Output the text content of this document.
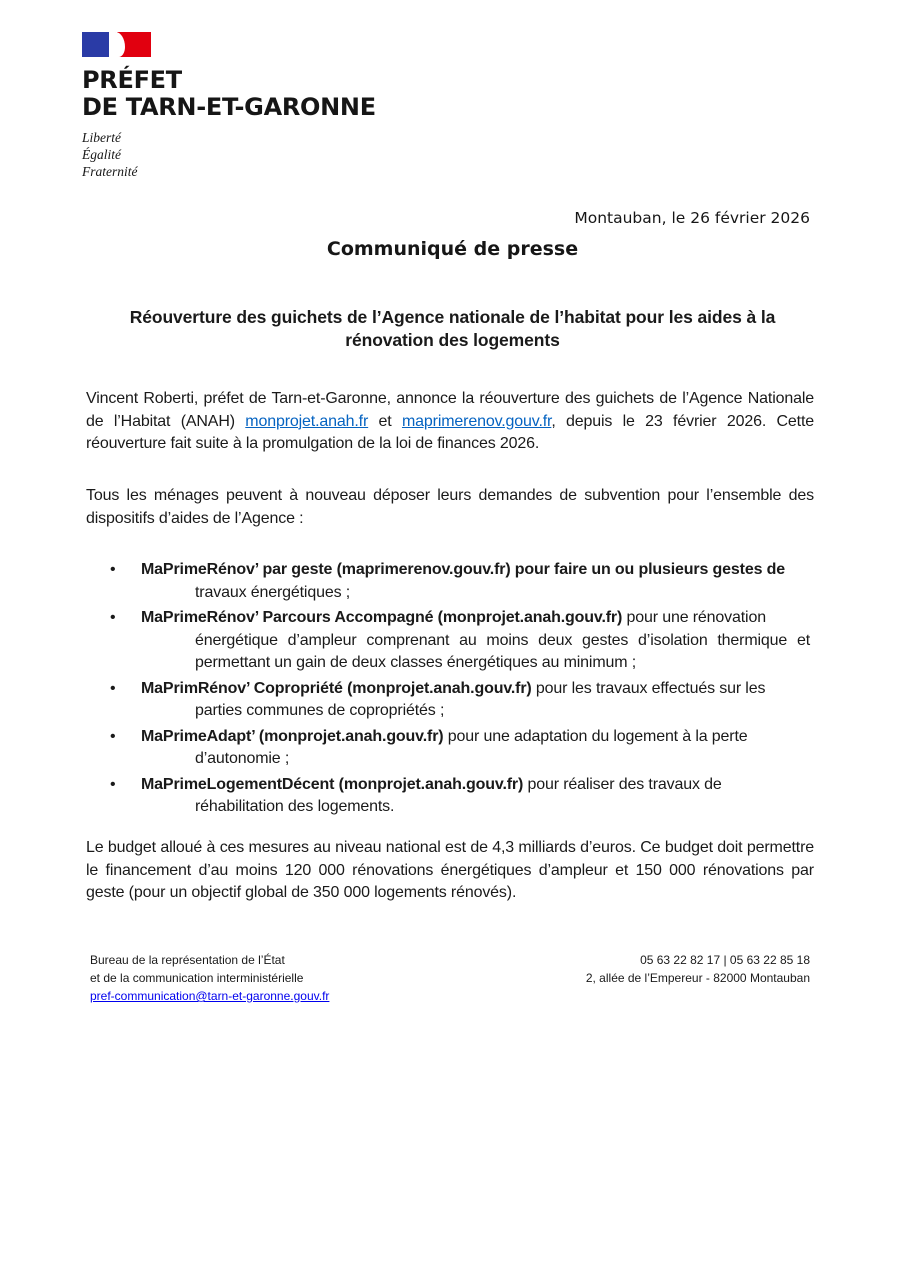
PRÉFET
DE TARN-ET-GARONNE
Liberté
Égalité
Fraternité
Montauban, le 26 février 2026
Communiqué de presse
Réouverture des guichets de l’Agence nationale de l’habitat pour les aides à la rénovation des logements
Vincent Roberti, préfet de Tarn-et-Garonne, annonce la réouverture des guichets de l’Agence Nationale de l’Habitat (ANAH) monprojet.anah.fr et maprimerenov.gouv.fr, depuis le 23 février 2026. Cette réouverture fait suite à la promulgation de la loi de finances 2026.
Tous les ménages peuvent à nouveau déposer leurs demandes de subvention pour l’ensemble des dispositifs d’aides de l’Agence :
• MaPrimeRénov’ par geste (maprimerenov.gouv.fr) pour faire un ou plusieurs gestes de
travaux énergétiques ;
• MaPrimeRénov’ Parcours Accompagné (monprojet.anah.gouv.fr) pour une rénovation
énergétique d’ampleur comprenant au moins deux gestes d’isolation thermique et permettant un gain de deux classes énergétiques au minimum ;
• MaPrimRénov’ Copropriété (monprojet.anah.gouv.fr) pour les travaux effectués sur les
parties communes de copropriétés ;
• MaPrimeAdapt’ (monprojet.anah.gouv.fr) pour une adaptation du logement à la perte
d’autonomie ;
• MaPrimeLogementDécent (monprojet.anah.gouv.fr) pour réaliser des travaux de
réhabilitation des logements.
Le budget alloué à ces mesures au niveau national est de 4,3 milliards d’euros. Ce budget doit permettre le financement d’au moins 120 000 rénovations énergétiques d’ampleur et 150 000 rénovations par geste (pour un objectif global de 350 000 logements rénovés).
Bureau de la représentation de l’État
et de la communication interministérielle
pref-communication@tarn-et-garonne.gouv.fr
05 63 22 82 17 | 05 63 22 85 18
2, allée de l’Empereur - 82000 Montauban
